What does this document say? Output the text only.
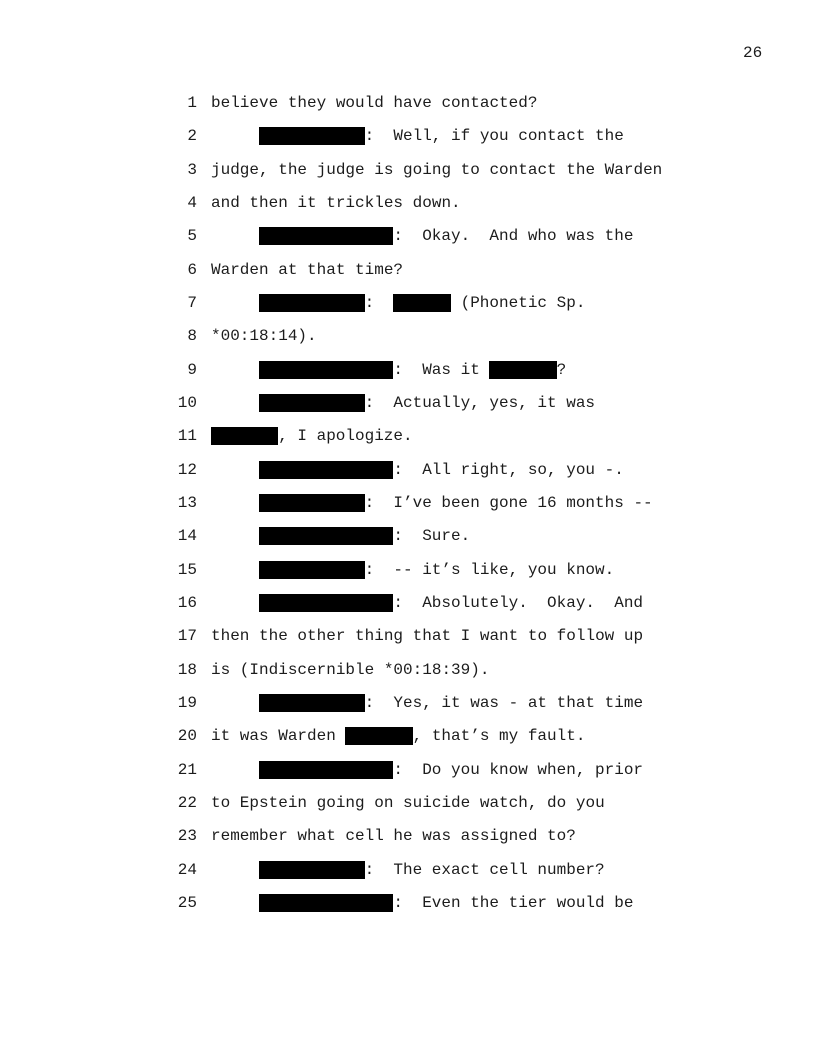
26
1 believe they would have contacted?
2	:  Well, if you contact the
3 judge, the judge is going to contact the Warden
4 and then it trickles down.
5	:  Okay.  And who was the
6 Warden at that time?
7	:	(Phonetic Sp.
8 *00:18:14).
9	:  Was it	?
10	:  Actually, yes, it was
11	, I apologize.
12	:  All right, so, you -.
13	:  I’ve been gone 16 months --
14	:  Sure.
15	:  -- it’s like, you know.
16	:  Absolutely.  Okay.  And
17 then the other thing that I want to follow up
18 is (Indiscernible *00:18:39).
19	:  Yes, it was - at that time
20 it was Warden	, that’s my fault.
21	:  Do you know when, prior
22 to Epstein going on suicide watch, do you
23 remember what cell he was assigned to?
24	:  The exact cell number?
25	:  Even the tier would be
